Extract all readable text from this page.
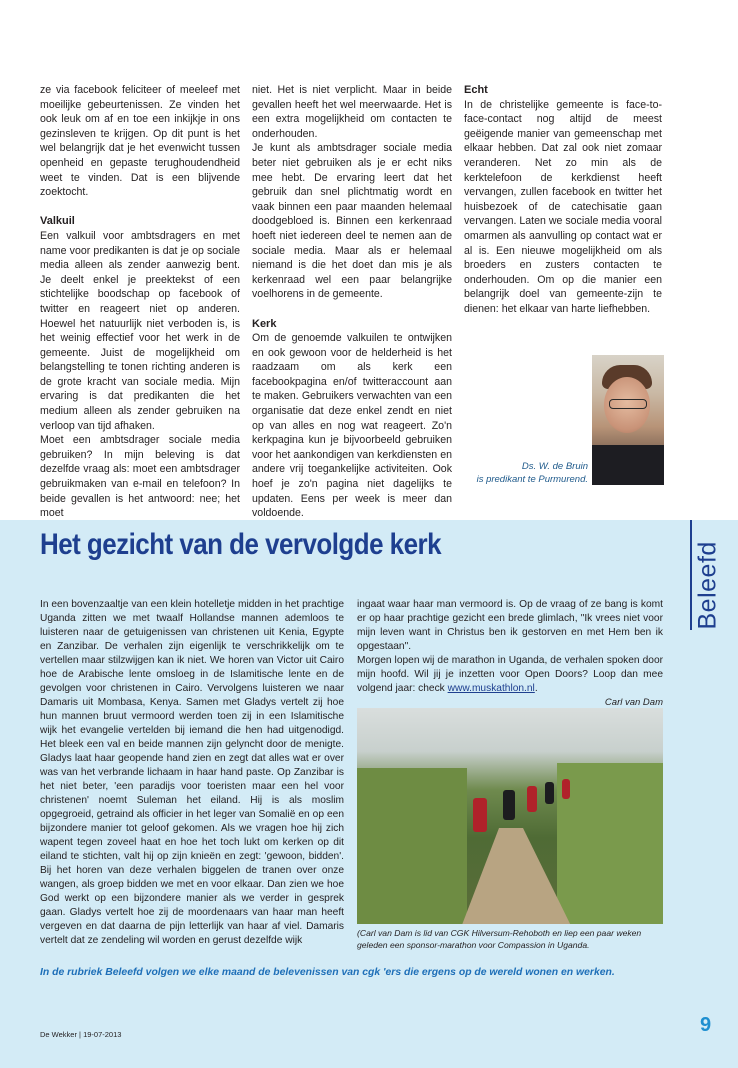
ze via facebook feliciteer of meeleef met moeilijke gebeurtenissen. Ze vinden het ook leuk om af en toe een inkijkje in ons gezinsleven te krijgen. Op dit punt is het wel belangrijk dat je het evenwicht tussen openheid en gepaste terughoudendheid weet te vinden. Dat is een blijvende zoektocht.

Valkuil

Een valkuil voor ambtsdragers en met name voor predikanten is dat je op sociale media alleen als zender aanwezig bent. Je deelt enkel je preektekst of een stichtelijke boodschap op facebook of twitter en reageert niet op anderen. Hoewel het natuurlijk niet verboden is, is het weinig effectief voor het werk in de gemeente. Juist de mogelijkheid om belangstelling te tonen richting anderen is de grote kracht van sociale media. Mijn ervaring is dat predikanten die het medium alleen als zender gebruiken na verloop van tijd afhaken.

Moet een ambtsdrager sociale media gebruiken? In mijn beleving is dat dezelfde vraag als: moet een ambtsdrager gebruikmaken van e-mail en telefoon? In beide gevallen is het antwoord: nee; het moet

niet. Het is niet verplicht. Maar in beide gevallen heeft het wel meerwaarde. Het is een extra mogelijkheid om contacten te onderhouden.

Je kunt als ambtsdrager sociale media beter niet gebruiken als je er echt niks mee hebt. De ervaring leert dat het gebruik dan snel plichtmatig wordt en vaak binnen een paar maanden helemaal doodgebloed is. Binnen een kerkenraad hoeft niet iedereen deel te nemen aan de sociale media. Maar als er helemaal niemand is die het doet dan mis je als kerkenraad wel een paar belangrijke voelhorens in de gemeente.

Kerk

Om de genoemde valkuilen te ontwijken en ook gewoon voor de helderheid is het raadzaam om als kerk een facebookpagina en/of twitteraccount aan te maken. Gebruikers verwachten van een organisatie dat deze enkel zendt en niet op van alles en nog wat reageert. Zo'n kerkpagina kun je bijvoorbeeld gebruiken voor het aankondigen van kerkdiensten en andere vrij toegankelijke activiteiten. Ook hoef je zo'n pagina niet dagelijks te updaten. Eens per week is meer dan voldoende.

Echt

In de christelijke gemeente is face-to-face-contact nog altijd de meest geëigende manier van gemeenschap met elkaar hebben. Dat zal ook niet zomaar veranderen. Net zo min als de kerktelefoon de kerkdienst heeft vervangen, zullen facebook en twitter het huisbezoek of de catechisatie gaan vervangen. Laten we sociale media vooral omarmen als aanvulling op contact wat er al is. Een nieuwe mogelijkheid om als broeders en zusters contacten te onderhouden. Om op die manier een belangrijk doel van gemeente-zijn te dienen: het elkaar van harte liefhebben.

Ds. W. de Bruin
is predikant te Purmurend.
Beleefd
Het gezicht van de vervolgde kerk

In een bovenzaaltje van een klein hotelletje midden in het prachtige Uganda zitten we met twaalf Hollandse mannen ademloos te luisteren naar de getuigenissen van christenen uit Kenia, Egypte en Zanzibar. De verhalen zijn eigenlijk te verschrikkelijk om te vertellen maar stilzwijgen kan ik niet. We horen van Victor uit Cairo hoe de Arabische lente omsloeg in de Islamitische lente en de gevolgen voor christenen in Cairo. Vervolgens luisteren we naar Damaris uit Mombasa, Kenya. Samen met Gladys vertelt zij hoe hun mannen bruut vermoord werden toen zij in een Islamitische wijk het evangelie vertelden bij iemand die hen had uitgenodigd. Het bleek een val en beide mannen zijn gelyncht door de menigte. Gladys laat haar geopende hand zien en zegt dat alles wat er over was van het verbrande lichaam in haar hand paste. Op Zanzibar is het niet beter, 'een paradijs voor toeristen maar een hel voor christenen' noemt Suleman het eiland. Hij is als moslim opgegroeid, getraind als officier in het leger van Somalië en op een bijzondere manier tot geloof gekomen. Als we vragen hoe hij zich wapent tegen zoveel haat en hoe het toch lukt om kerken op dit eiland te stichten, valt hij op zijn knieën en zegt: 'gewoon, bidden'. Bij het horen van deze verhalen biggelen de tranen over onze wangen, als groep bidden we met en voor elkaar. Dan zien we hoe God werkt op een bijzondere manier als we verder in gesprek gaan. Gladys vertelt hoe zij de moordenaars van haar man heeft vergeven en dat daarna de pijn letterlijk van haar af viel. Damaris vertelt dat ze zendeling wil worden en gerust dezelfde wijk

ingaat waar haar man vermoord is. Op de vraag of ze bang is komt er op haar prachtige gezicht een brede glimlach, "Ik vrees niet voor mijn leven want in Christus ben ik gestorven en met Hem ben ik opgestaan".

Morgen lopen wij de marathon in Uganda, de verhalen spoken door mijn hoofd. Wil jij je inzetten voor Open Doors? Loop dan mee volgend jaar: check www.muskathlon.nl.

Carl van Dam

(Carl van Dam is lid van CGK Hilversum-Rehoboth en liep een paar weken geleden een sponsor-marathon voor Compassion in Uganda.
In de rubriek Beleefd volgen we elke maand de belevenissen van cgk 'ers die ergens op de wereld wonen en werken.
De Wekker | 19-07-2013	9
